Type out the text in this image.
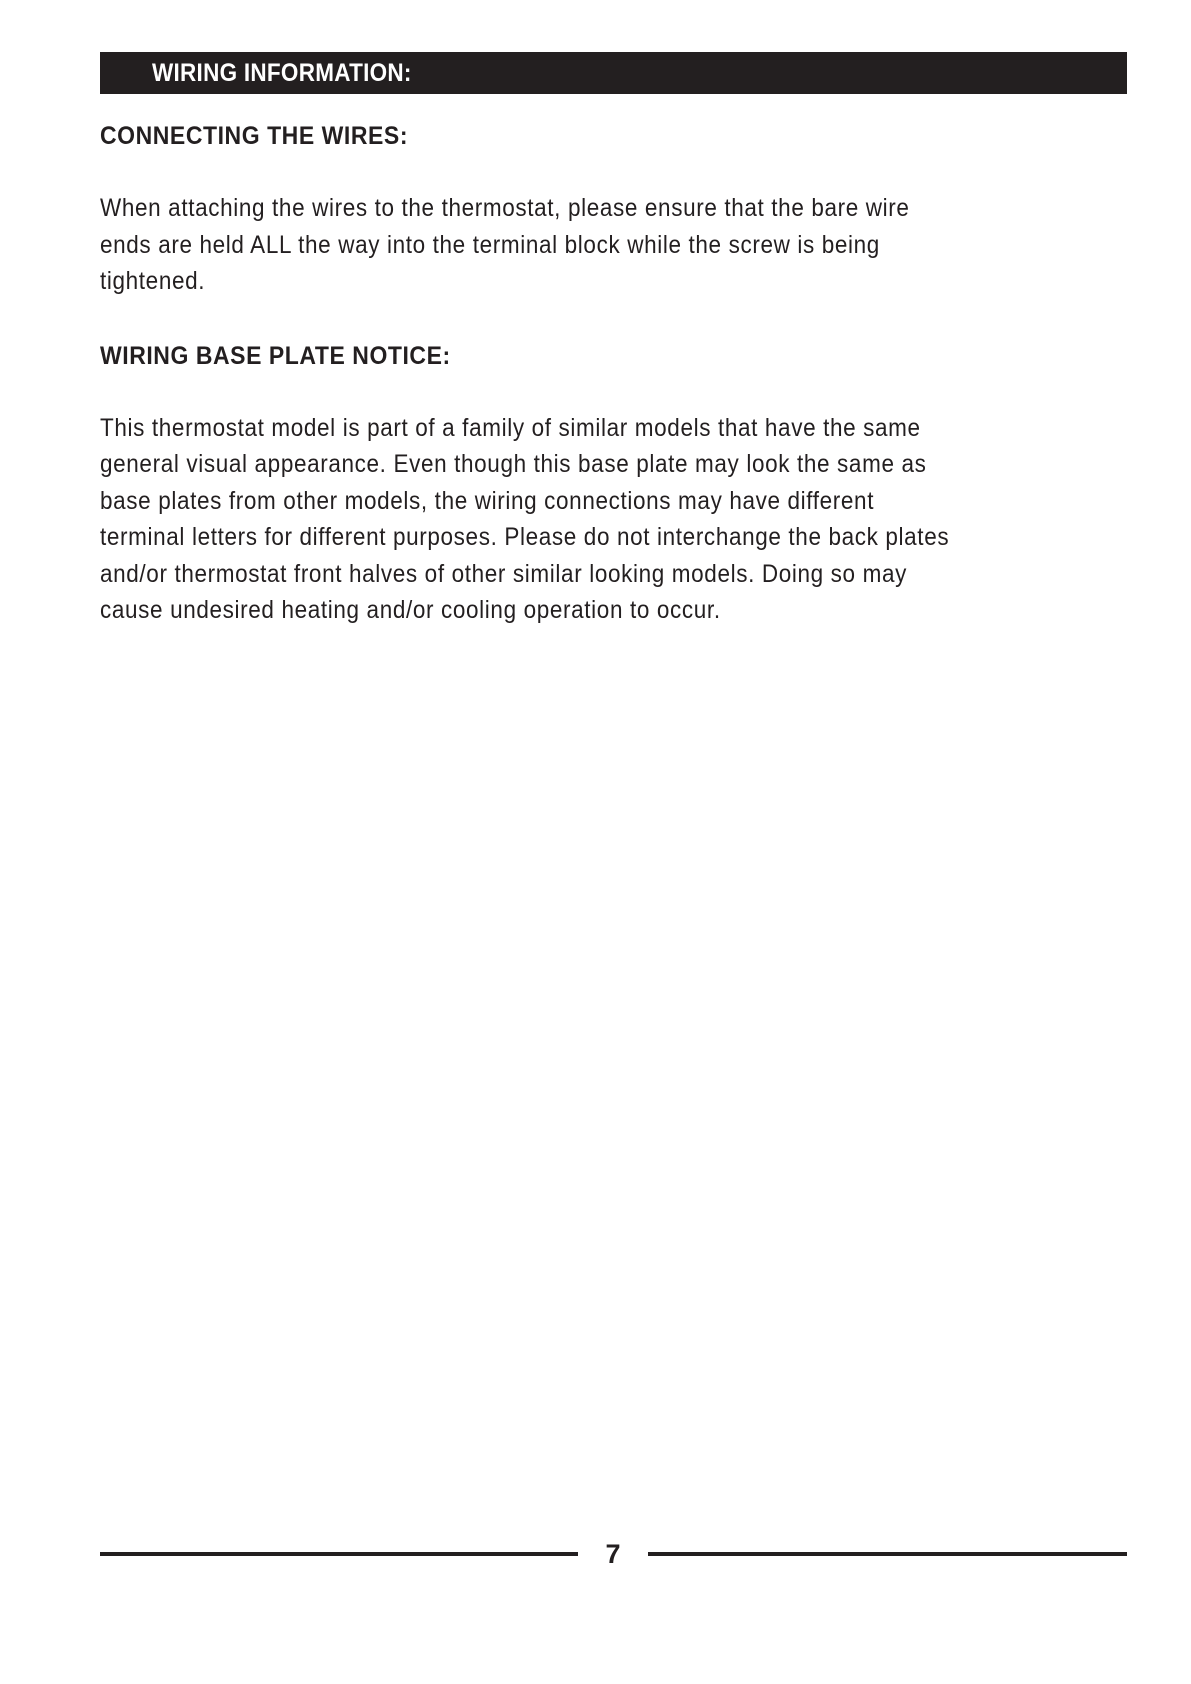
WIRING INFORMATION:
CONNECTING THE WIRES:

When attaching the wires to the thermostat, please ensure that the bare wire
ends are held ALL the way into the terminal block while the screw is being
tightened.

WIRING BASE PLATE NOTICE:

This thermostat model is part of a family of similar models that have the same
general visual appearance. Even though this base plate may look the same as
base plates from other models, the wiring connections may have different
terminal letters for different purposes. Please do not interchange the back plates
and/or thermostat front halves of other similar looking models. Doing so may
cause undesired heating and/or cooling operation to occur.

7
